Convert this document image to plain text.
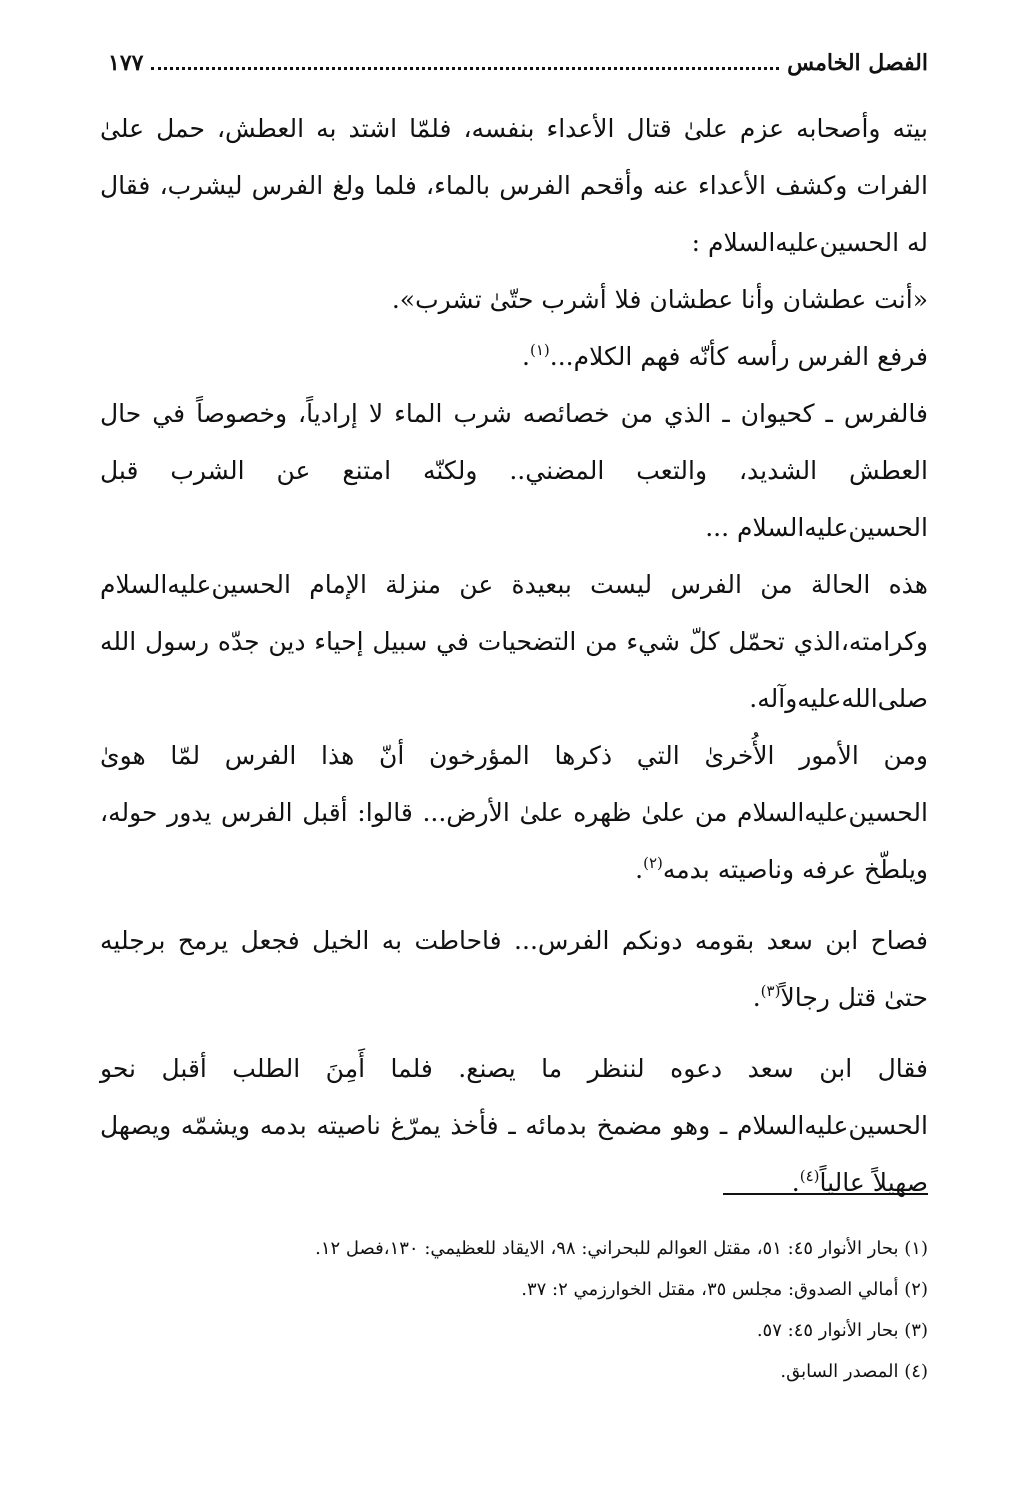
الفصل الخامس
١٧٧

بيته وأصحابه عزم علىٰ قتال الأعداء بنفسه، فلمّا اشتد به العطش، حمل علىٰ الفرات وكشف الأعداء عنه وأقحم الفرس بالماء، فلما ولغ الفرس ليشرب، فقال له الحسين‌عليه‌السلام :

«أنت عطشان وأنا عطشان فلا أشرب حتّىٰ تشرب».

فرفع الفرس رأسه كأنّه فهم الكلام...$^{(١)}$.

فالفرس ـ كحيوان ـ الذي من خصائصه شرب الماء لا إرادياً، وخصوصاً في حال العطش الشديد، والتعب المضني.. ولكنّه امتنع عن الشرب قبل الحسين‌عليه‌السلام ...

هذه الحالة من الفرس ليست ببعيدة عن منزلة الإمام الحسين‌عليه‌السلام وكرامته،الذي تحمّل كلّ شيء من التضحيات في سبيل إحياء دين جدّه رسول الله صلى‌الله‌عليه‌وآله.

ومن الأمور الأُخرىٰ التي ذكرها المؤرخون أنّ هذا الفرس لمّا هوىٰ الحسين‌عليه‌السلام من علىٰ ظهره علىٰ الأرض... قالوا: أقبل الفرس يدور حوله، ويلطّخ عرفه وناصيته بدمه$^{(٢)}$.

فصاح ابن سعد بقومه دونكم الفرس... فاحاطت به الخيل فجعل يرمح برجليه حتىٰ قتل رجالاً$^{(٣)}$.

فقال ابن سعد دعوه لننظر ما يصنع. فلما أَمِنَ الطلب أقبل نحو الحسين‌عليه‌السلام ـ وهو مضمخ بدمائه ـ فأخذ يمرّغ ناصيته بدمه ويشمّه ويصهل صهيلاً عالياً$^{(٤)}$.

(١) بحار الأنوار ٤٥: ٥١، مقتل العوالم للبحراني: ٩٨، الايقاد للعظيمي: ١٣٠،فصل ١٢.

(٢) أمالي الصدوق: مجلس ٣٥، مقتل الخوارزمي ٢: ٣٧.

(٣) بحار الأنوار ٤٥: ٥٧.

(٤) المصدر السابق.
